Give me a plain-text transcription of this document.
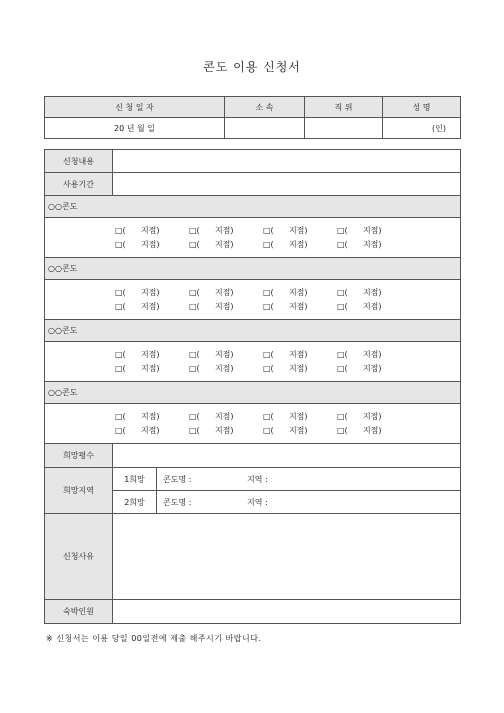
콘도 이용 신청서
신 청 일 자	소 속	직 위	성 명
20 년 월 일			(인)
신청내용		
사용기간		
○○콘도		

□( 지점) □( 지점) □( 지점) □( 지점)
□( 지점) □( 지점) □( 지점) □( 지점)		

○○콘도		

□( 지점) □( 지점) □( 지점) □( 지점)
□( 지점) □( 지점) □( 지점) □( 지점)		

○○콘도		

□( 지점) □( 지점) □( 지점) □( 지점)
□( 지점) □( 지점) □( 지점) □( 지점)		

○○콘도		

□( 지점) □( 지점) □( 지점) □( 지점)
□( 지점) □( 지점) □( 지점) □( 지점)		

희망평수		
희망지역	1희망	콘도명 : 지역 :
	2희망	콘도명 : 지역 :
신청사유		
숙박인원		
※ 신청서는 이용 당일 00일전에 제출 해주시기 바랍니다.
